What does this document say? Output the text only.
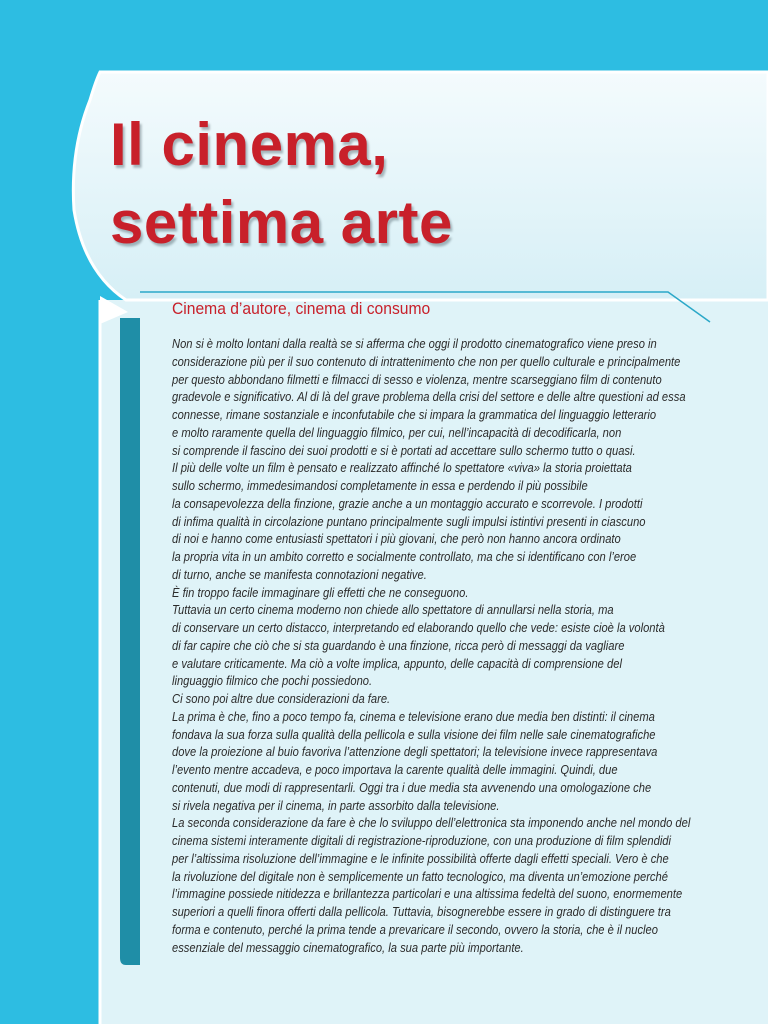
Il cinema,
settima arte
Cinema d’autore, cinema di consumo
Non si è molto lontani dalla realtà se si afferma che oggi il prodotto cinematografico viene preso in
considerazione più per il suo contenuto di intrattenimento che non per quello culturale e principalmente
per questo abbondano filmetti e filmacci di sesso e violenza, mentre scarseggiano film di contenuto
gradevole e significativo. Al di là del grave problema della crisi del settore e delle altre questioni ad essa
connesse, rimane sostanziale e inconfutabile che si impara la grammatica del linguaggio letterario
e molto raramente quella del linguaggio filmico, per cui, nell’incapacità di decodificarla, non
si comprende il fascino dei suoi prodotti e si è portati ad accettare sullo schermo tutto o quasi.
Il più delle volte un film è pensato e realizzato affinché lo spettatore «viva» la storia proiettata
sullo schermo, immedesimandosi completamente in essa e perdendo il più possibile
la consapevolezza della finzione, grazie anche a un montaggio accurato e scorrevole. I prodotti
di infima qualità in circolazione puntano principalmente sugli impulsi istintivi presenti in ciascuno
di noi e hanno come entusiasti spettatori i più giovani, che però non hanno ancora ordinato
la propria vita in un ambito corretto e socialmente controllato, ma che si identificano con l’eroe
di turno, anche se manifesta connotazioni negative.
È fin troppo facile immaginare gli effetti che ne conseguono.
Tuttavia un certo cinema moderno non chiede allo spettatore di annullarsi nella storia, ma
di conservare un certo distacco, interpretando ed elaborando quello che vede: esiste cioè la volontà
di far capire che ciò che si sta guardando è una finzione, ricca però di messaggi da vagliare
e valutare criticamente. Ma ciò a volte implica, appunto, delle capacità di comprensione del
linguaggio filmico che pochi possiedono.
Ci sono poi altre due considerazioni da fare.
La prima è che, fino a poco tempo fa, cinema e televisione erano due media ben distinti: il cinema
fondava la sua forza sulla qualità della pellicola e sulla visione dei film nelle sale cinematografiche
dove la proiezione al buio favoriva l’attenzione degli spettatori; la televisione invece rappresentava
l’evento mentre accadeva, e poco importava la carente qualità delle immagini. Quindi, due
contenuti, due modi di rappresentarli. Oggi tra i due media sta avvenendo una omologazione che
si rivela negativa per il cinema, in parte assorbito dalla televisione.
La seconda considerazione da fare è che lo sviluppo dell’elettronica sta imponendo anche nel mondo del
cinema sistemi interamente digitali di registrazione-riproduzione, con una produzione di film splendidi
per l’altissima risoluzione dell’immagine e le infinite possibilità offerte dagli effetti speciali. Vero è che
la rivoluzione del digitale non è semplicemente un fatto tecnologico, ma diventa un’emozione perché
l’immagine possiede nitidezza e brillantezza particolari e una altissima fedeltà del suono, enormemente
superiori a quelli finora offerti dalla pellicola. Tuttavia, bisognerebbe essere in grado di distinguere tra
forma e contenuto, perché la prima tende a prevaricare il secondo, ovvero la storia, che è il nucleo
essenziale del messaggio cinematografico, la sua parte più importante.
